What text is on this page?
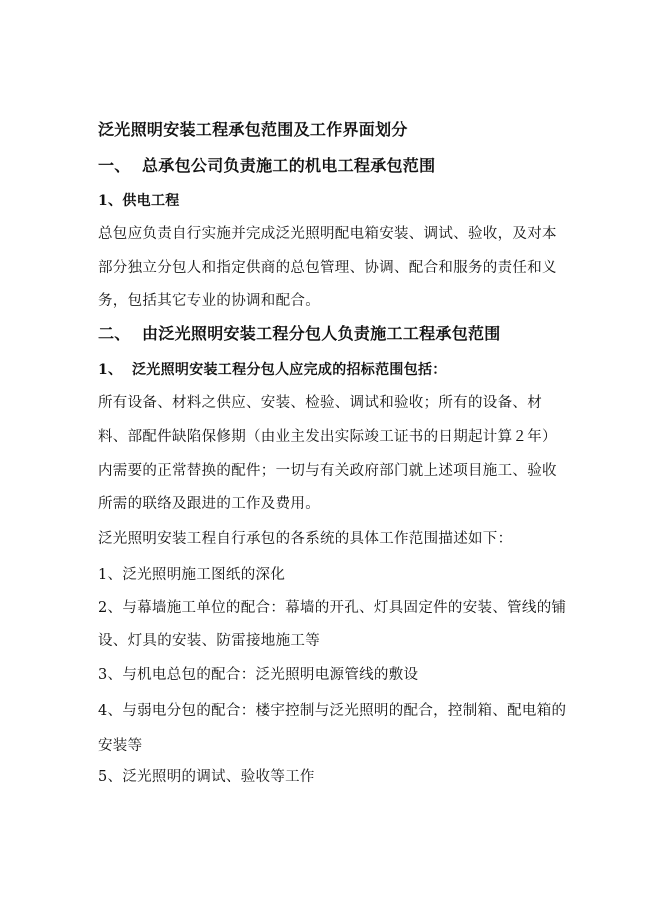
泛光照明安装工程承包范围及工作界面划分
一、 总承包公司负责施工的机电工程承包范围
1、供电工程
总包应负责自行实施并完成泛光照明配电箱安装、调试、验收，及对本
部分独立分包人和指定供商的总包管理、协调、配合和服务的责任和义
务，包括其它专业的协调和配合。
二、 由泛光照明安装工程分包人负责施工工程承包范围
1、 泛光照明安装工程分包人应完成的招标范围包括：
所有设备、材料之供应、安装、检验、调试和验收；所有的设备、材
料、部配件缺陷保修期（由业主发出实际竣工证书的日期起计算２年）
内需要的正常替换的配件；一切与有关政府部门就上述项目施工、验收
所需的联络及跟进的工作及费用。
泛光照明安装工程自行承包的各系统的具体工作范围描述如下：
1、泛光照明施工图纸的深化
2、与幕墙施工单位的配合：幕墙的开孔、灯具固定件的安装、管线的铺
设、灯具的安装、防雷接地施工等
3、与机电总包的配合：泛光照明电源管线的敷设
4、与弱电分包的配合：楼宇控制与泛光照明的配合，控制箱、配电箱的
安装等
5、泛光照明的调试、验收等工作
